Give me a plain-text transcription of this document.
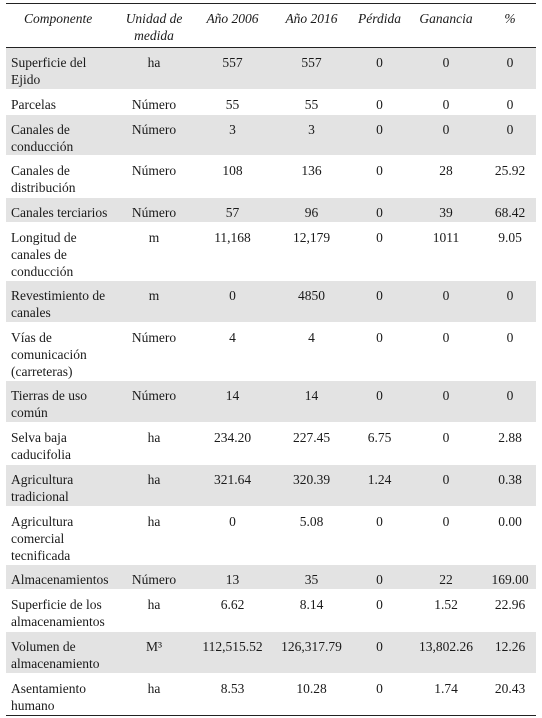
Componente	Unidad de medida	Año 2006	Año 2016	Pérdida	Ganancia	%
Superficie del Ejido	ha	557	557	0	0	0
Parcelas	Número	55	55	0	0	0
Canales de conducción	Número	3	3	0	0	0
Canales de distribución	Número	108	136	0	28	25.92
Canales terciarios	Número	57	96	0	39	68.42
Longitud de canales de conducción	m	11,168	12,179	0	1011	9.05
Revestimiento de canales	m	0	4850	0	0	0
Vías de comunicación (carreteras)	Número	4	4	0	0	0
Tierras de uso común	Número	14	14	0	0	0
Selva baja caducifolia	ha	234.20	227.45	6.75	0	2.88
Agricultura tradicional	ha	321.64	320.39	1.24	0	0.38
Agricultura comercial tecnificada	ha	0	5.08	0	0	0.00
Almacenamientos	Número	13	35	0	22	169.00
Superficie de los almacenamientos	ha	6.62	8.14	0	1.52	22.96
Volumen de almacenamiento	M³	112,515.52	126,317.79	0	13,802.26	12.26
Asentamiento humano	ha	8.53	10.28	0	1.74	20.43
